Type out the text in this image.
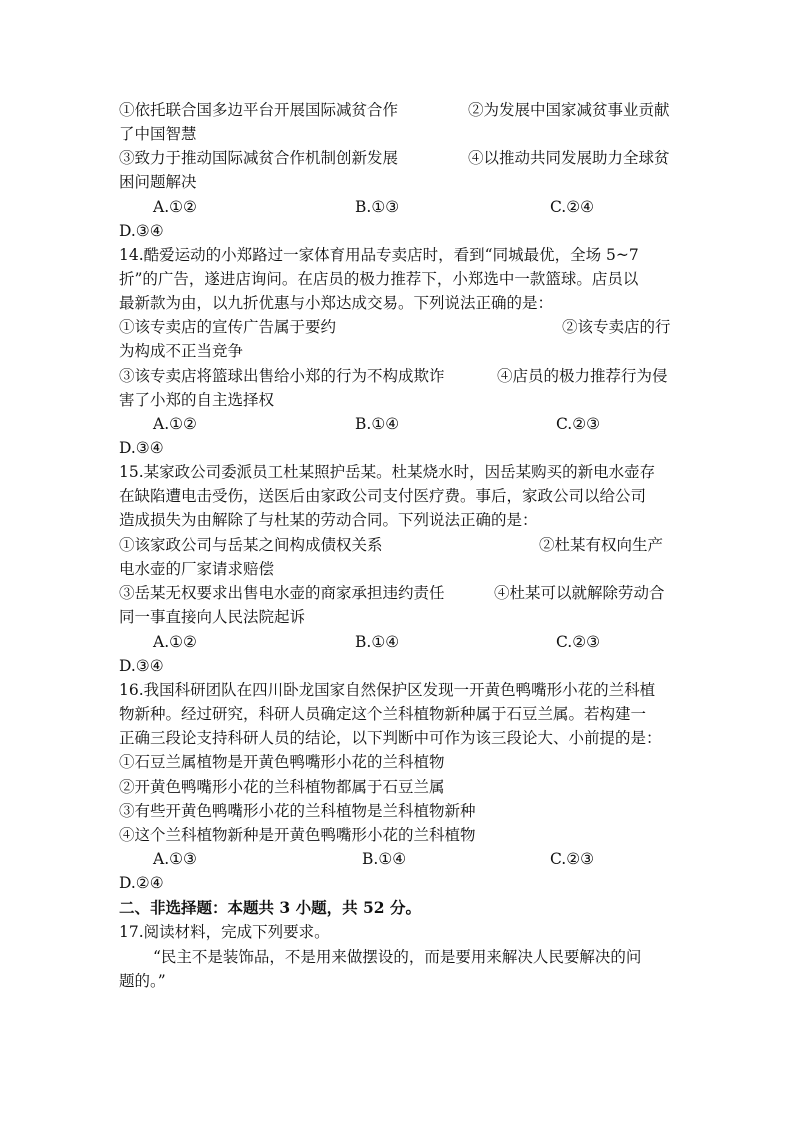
①依托联合国多边平台开展国际减贫合作	②为发展中国家减贫事业贡献
了中国智慧
③致力于推动国际减贫合作机制创新发展	④以推动共同发展助力全球贫
困问题解决
A.①②	B.①③	C.②④
D.③④
14.酷爱运动的小郑路过一家体育用品专卖店时，看到“同城最优，全场 5~7
折”的广告，遂进店询问。在店员的极力推荐下，小郑选中一款篮球。店员以
最新款为由，以九折优惠与小郑达成交易。下列说法正确的是：
①该专卖店的宣传广告属于要约	②该专卖店的行
为构成不正当竞争
③该专卖店将篮球出售给小郑的行为不构成欺诈	④店员的极力推荐行为侵
害了小郑的自主选择权
A.①②	B.①④	C.②③
D.③④
15.某家政公司委派员工杜某照护岳某。杜某烧水时，因岳某购买的新电水壶存
在缺陷遭电击受伤，送医后由家政公司支付医疗费。事后，家政公司以给公司
造成损失为由解除了与杜某的劳动合同。下列说法正确的是：
①该家政公司与岳某之间构成债权关系	②杜某有权向生产
电水壶的厂家请求赔偿
③岳某无权要求出售电水壶的商家承担违约责任	④杜某可以就解除劳动合
同一事直接向人民法院起诉
A.①②	B.①④	C.②③
D.③④
16.我国科研团队在四川卧龙国家自然保护区发现一开黄色鸭嘴形小花的兰科植
物新种。经过研究，科研人员确定这个兰科植物新种属于石豆兰属。若构建一
正确三段论支持科研人员的结论，以下判断中可作为该三段论大、小前提的是：
①石豆兰属植物是开黄色鸭嘴形小花的兰科植物
②开黄色鸭嘴形小花的兰科植物都属于石豆兰属
③有些开黄色鸭嘴形小花的兰科植物是兰科植物新种
④这个兰科植物新种是开黄色鸭嘴形小花的兰科植物
A.①③	B.①④	C.②③
D.②④
二、非选择题：本题共 3 小题，共 52 分。
17.阅读材料，完成下列要求。
“民主不是装饰品，不是用来做摆设的，而是要用来解决人民要解决的问
题的。”
